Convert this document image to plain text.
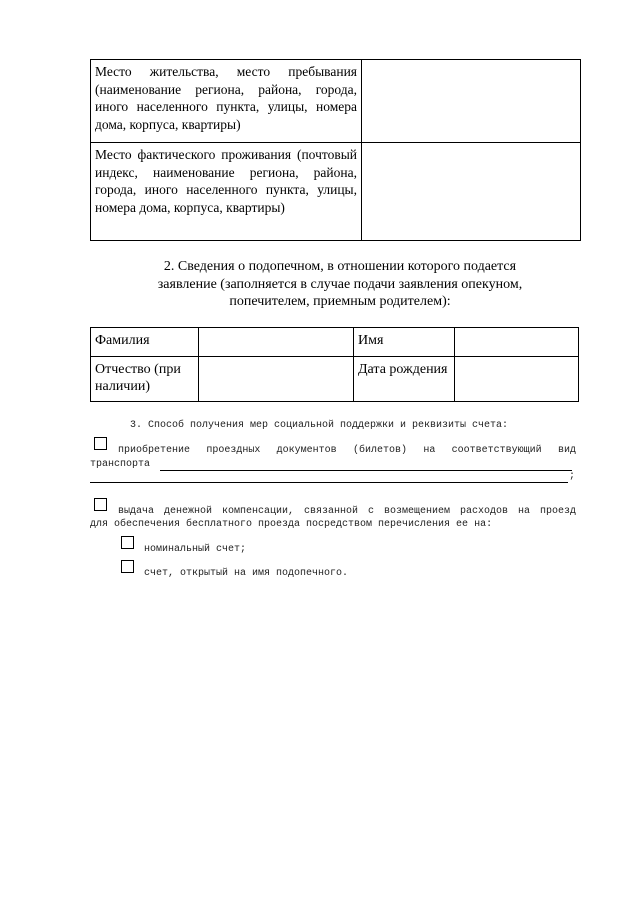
Место жительства, место пребывания (наименование региона, района, города, иного населенного пункта, улицы, номера дома, корпуса, квартиры)	
Место фактического проживания (почтовый индекс, наименование региона, района, города, иного населенного пункта, улицы, номера дома, корпуса, квартиры)	
2. Сведения о подопечном, в отношении которого подается
заявление (заполняется в случае подачи заявления опекуном,
попечителем, приемным родителем):
Фамилия		Имя	
Отчество (при наличии)		Дата рождения	
3. Способ получения мер социальной поддержки и реквизиты счета:
приобретение проездных документов (билетов) на соответствующий вид
транспорта
;
выдача денежной компенсации, связанной с возмещением расходов на проезд
для обеспечения бесплатного проезда посредством перечисления ее на:
номинальный счет;
счет, открытый на имя подопечного.
